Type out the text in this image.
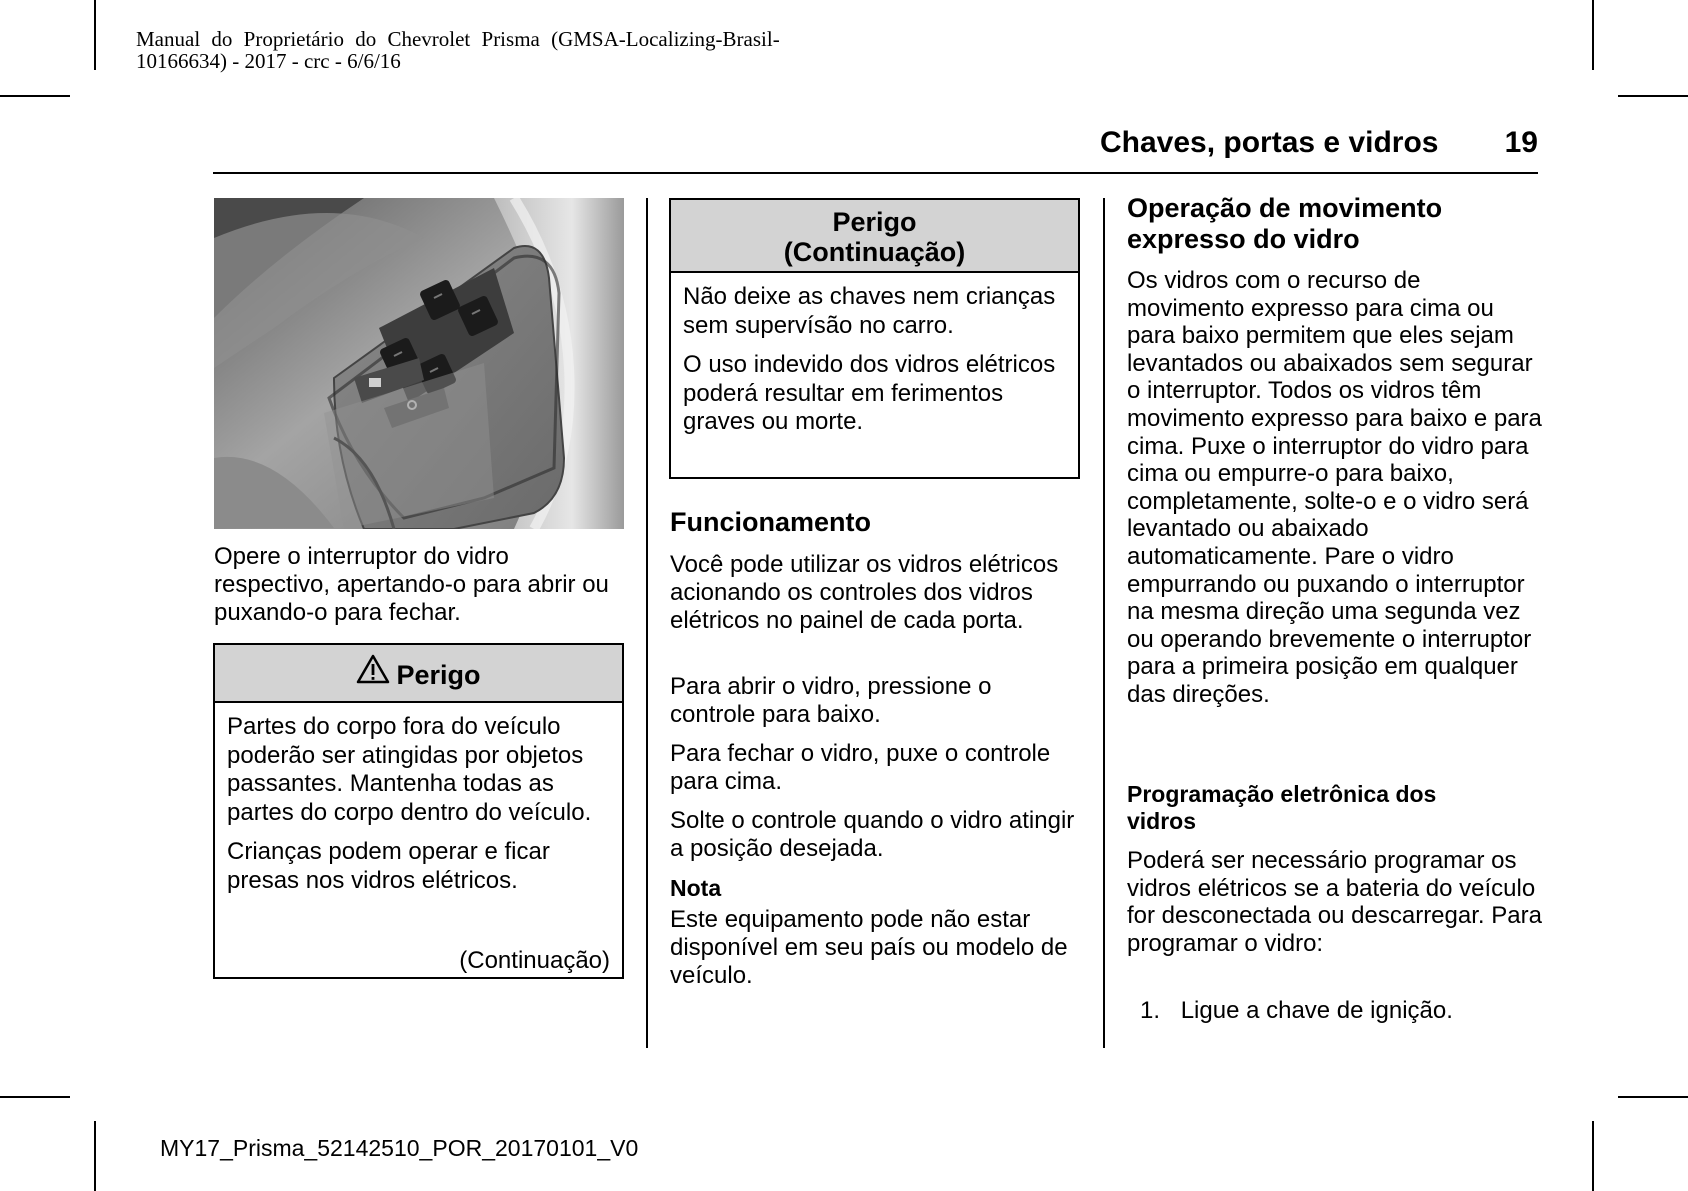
Manual do Proprietário do Chevrolet Prisma (GMSA-Localizing-Brasil-
10166634) - 2017 - crc - 6/6/16
Chaves, portas e vidros 19

Opere o interruptor do vidro respectivo, apertando-o para abrir ou puxando-o para fechar.

Perigo

Partes do corpo fora do veículo poderão ser atingidas por objetos passantes. Mantenha todas as partes do corpo dentro do veículo.

Crianças podem operar e ficar presas nos vidros elétricos.

(Continuação)
Perigo
(Continuação)

Não deixe as chaves nem crianças sem supervísão no carro.

O uso indevido dos vidros elétricos poderá resultar em ferimentos graves ou morte.

Funcionamento

Você pode utilizar os vidros elétricos acionando os controles dos vidros elétricos no painel de cada porta.

Para abrir o vidro, pressione o controle para baixo.

Para fechar o vidro, puxe o controle para cima.

Solte o controle quando o vidro atingir a posição desejada.

Nota

Este equipamento pode não estar disponível em seu país ou modelo de veículo.

Operação de movimento expresso do vidro

Os vidros com o recurso de movimento expresso para cima ou para baixo permitem que eles sejam levantados ou abaixados sem segurar o interruptor. Todos os vidros têm movimento expresso para baixo e para cima. Puxe o interruptor do vidro para cima ou empurre-o para baixo, completamente, solte-o e o vidro será levantado ou abaixado automaticamente. Pare o vidro empurrando ou puxando o interruptor na mesma direção uma segunda vez ou operando brevemente o interruptor para a primeira posição em qualquer das direções.

Programação eletrônica dos vidros

Poderá ser necessário programar os vidros elétricos se a bateria do veículo for desconectada ou descarregar. Para programar o vidro:

1. Ligue a chave de ignição.
MY17_Prisma_52142510_POR_20170101_V0
